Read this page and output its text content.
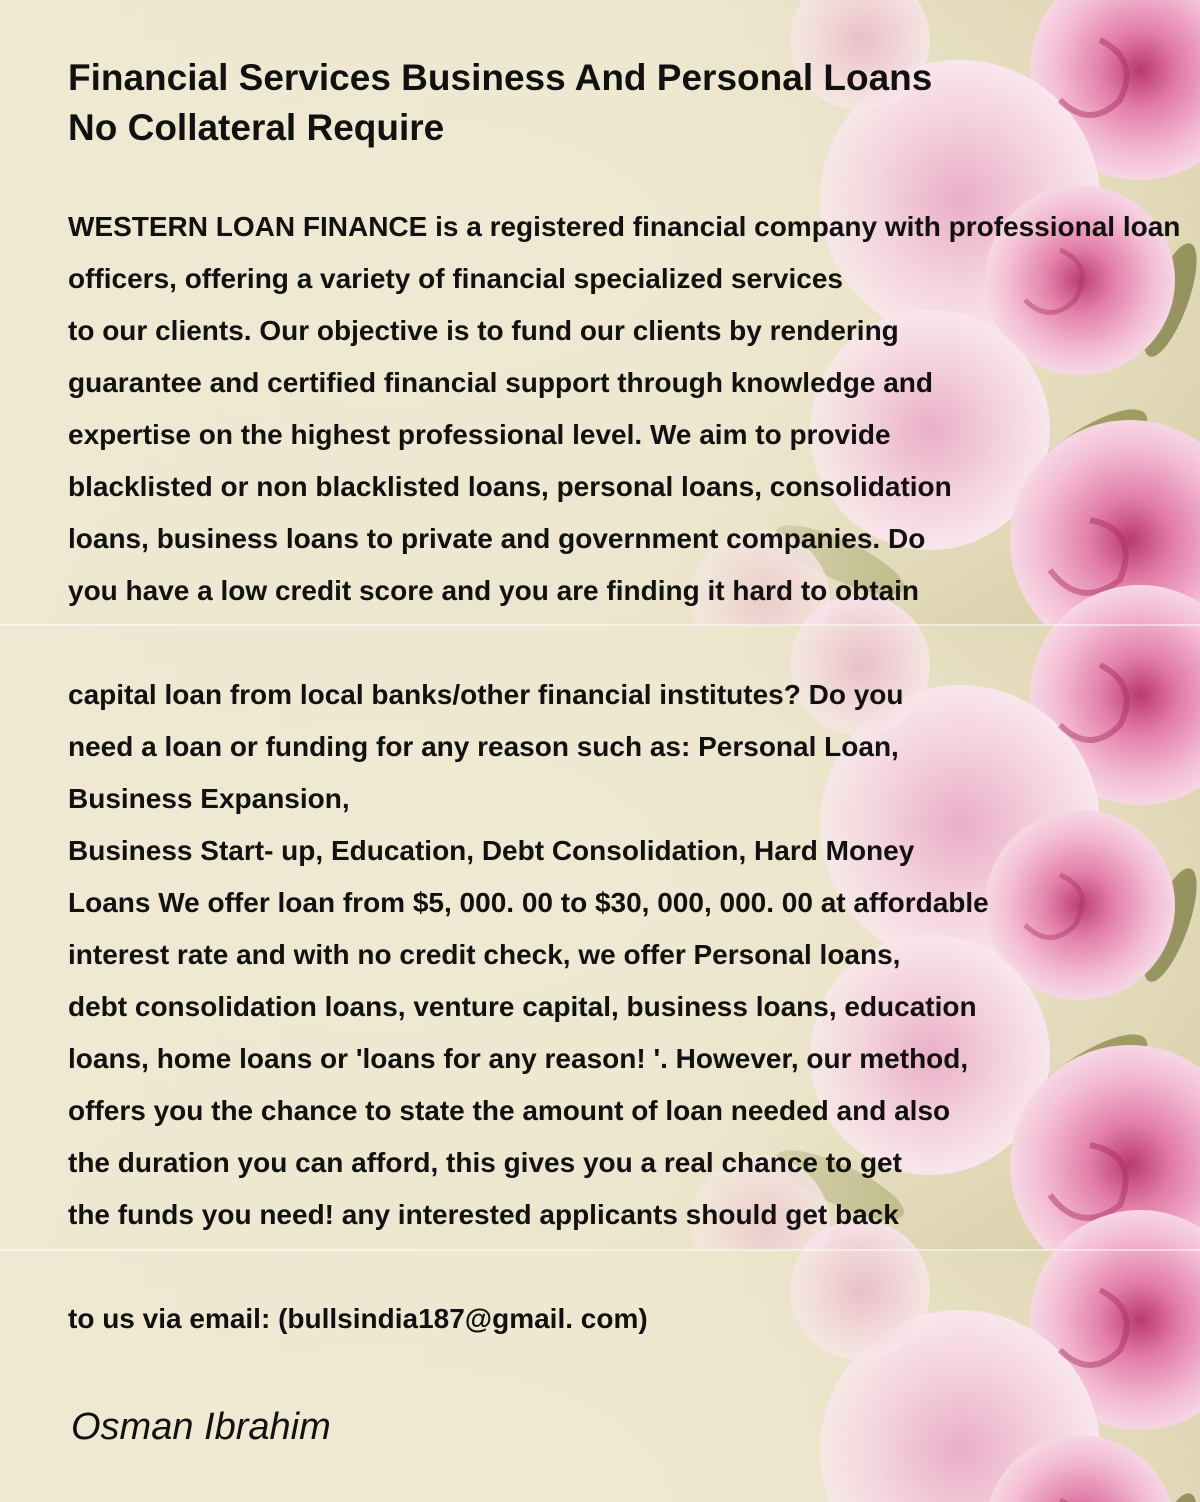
Financial Services Business And Personal Loans
No Collateral Require

WESTERN LOAN FINANCE is a registered financial company with professional loan
officers, offering a variety of financial specialized services
to our clients. Our objective is to fund our clients by rendering
guarantee and certified financial support through knowledge and
expertise on the highest professional level. We aim to provide
blacklisted or non blacklisted loans, personal loans, consolidation
loans, business loans to private and government companies. Do
you have a low credit score and you are finding it hard to obtain

capital loan from local banks/other financial institutes? Do you
need a loan or funding for any reason such as: Personal Loan,
Business Expansion,
Business Start- up, Education, Debt Consolidation, Hard Money
Loans We offer loan from $5, 000. 00 to $30, 000, 000. 00 at affordable
interest rate and with no credit check, we offer Personal loans,
debt consolidation loans, venture capital, business loans, education
loans, home loans or 'loans for any reason! '. However, our method,
offers you the chance to state the amount of loan needed and also
the duration you can afford, this gives you a real chance to get
the funds you need! any interested applicants should get back

to us via email: (bullsindia187@gmail. com)

Osman Ibrahim
